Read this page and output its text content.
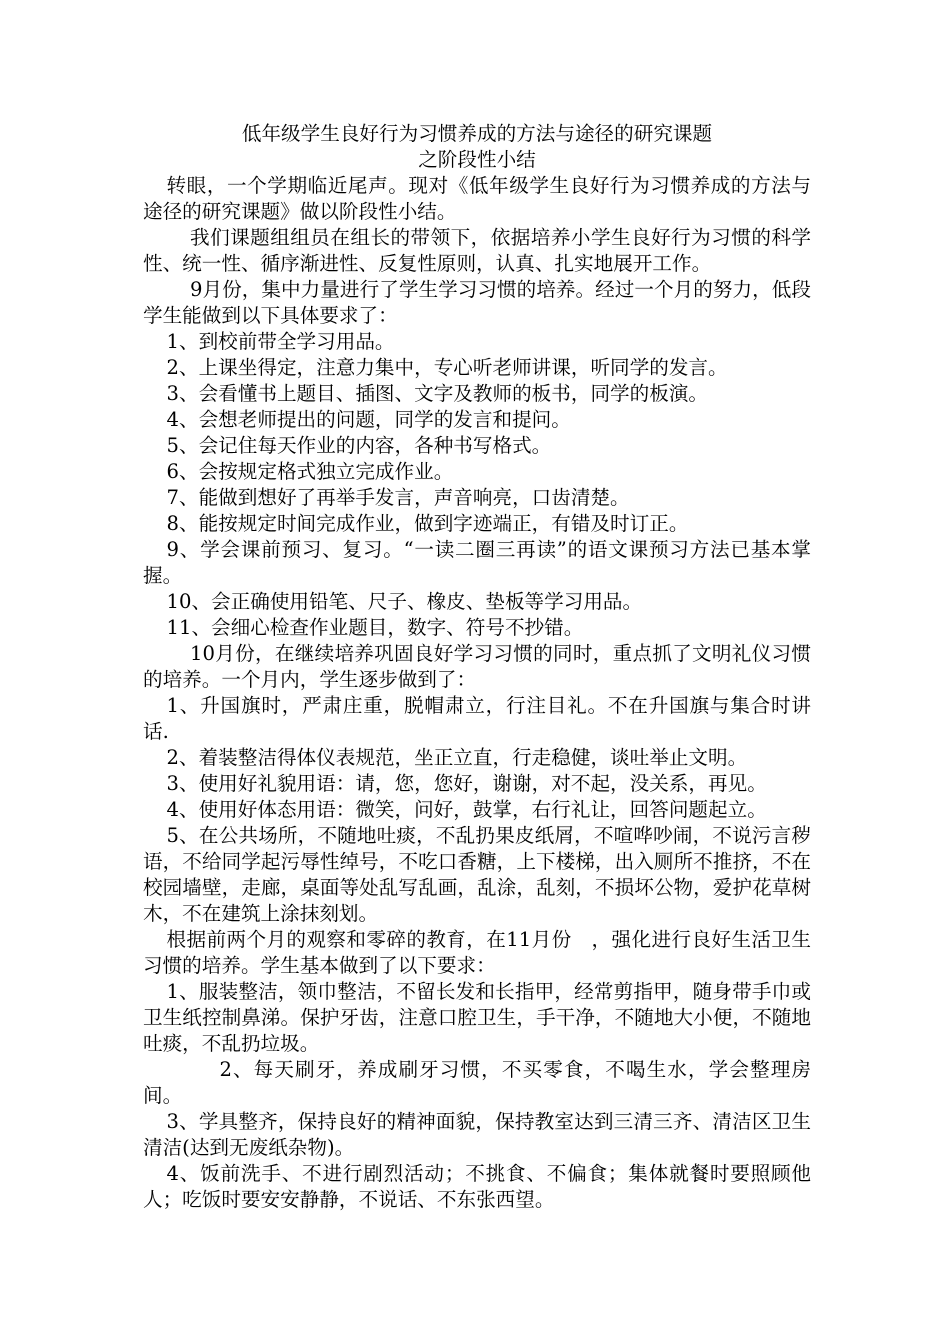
低年级学生良好行为习惯养成的方法与途径的研究课题

之阶段性小结

转眼，一个学期临近尾声。现对《低年级学生良好行为习惯养成的方法与途径的研究课题》做以阶段性小结。

我们课题组组员在组长的带领下，依据培养小学生良好行为习惯的科学性、统一性、循序渐进性、反复性原则，认真、扎实地展开工作。

9月份，集中力量进行了学生学习习惯的培养。经过一个月的努力，低段学生能做到以下具体要求了：

1、到校前带全学习用品。

2、上课坐得定，注意力集中，专心听老师讲课，听同学的发言。

3、会看懂书上题目、插图、文字及教师的板书，同学的板演。

4、会想老师提出的问题，同学的发言和提问。

5、会记住每天作业的内容，各种书写格式。

6、会按规定格式独立完成作业。

7、能做到想好了再举手发言，声音响亮，口齿清楚。

8、能按规定时间完成作业，做到字迹端正，有错及时订正。

9、学会课前预习、复习。“一读二圈三再读”的语文课预习方法已基本掌握。

10、会正确使用铅笔、尺子、橡皮、垫板等学习用品。

11、会细心检查作业题目，数字、符号不抄错。

10月份，在继续培养巩固良好学习习惯的同时，重点抓了文明礼仪习惯的培养。一个月内，学生逐步做到了：

1、升国旗时，严肃庄重，脱帽肃立，行注目礼。不在升国旗与集合时讲话.

2、着装整洁得体仪表规范，坐正立直，行走稳健，谈吐举止文明。

3、使用好礼貌用语：请，您，您好，谢谢，对不起，没关系，再见。

4、使用好体态用语：微笑，问好，鼓掌，右行礼让，回答问题起立。

5、在公共场所，不随地吐痰，不乱扔果皮纸屑，不喧哗吵闹，不说污言秽语，不给同学起污辱性绰号，不吃口香糖，上下楼梯，出入厕所不推挤，不在校园墙壁，走廊，桌面等处乱写乱画，乱涂，乱刻，不损坏公物，爱护花草树木，不在建筑上涂抹刻划。

根据前两个月的观察和零碎的教育，在11月份　，强化进行良好生活卫生习惯的培养。学生基本做到了以下要求：

1、服装整洁，领巾整洁，不留长发和长指甲，经常剪指甲，随身带手巾或卫生纸控制鼻涕。保护牙齿，注意口腔卫生，手干净，不随地大小便，不随地吐痰，不乱扔垃圾。

2、每天刷牙，养成刷牙习惯，不买零食，不喝生水，学会整理房间。

3、学具整齐，保持良好的精神面貌，保持教室达到三清三齐、清洁区卫生清洁(达到无废纸杂物)。

4、饭前洗手、不进行剧烈活动；不挑食、不偏食；集体就餐时要照顾他人；吃饭时要安安静静，不说话、不东张西望。
